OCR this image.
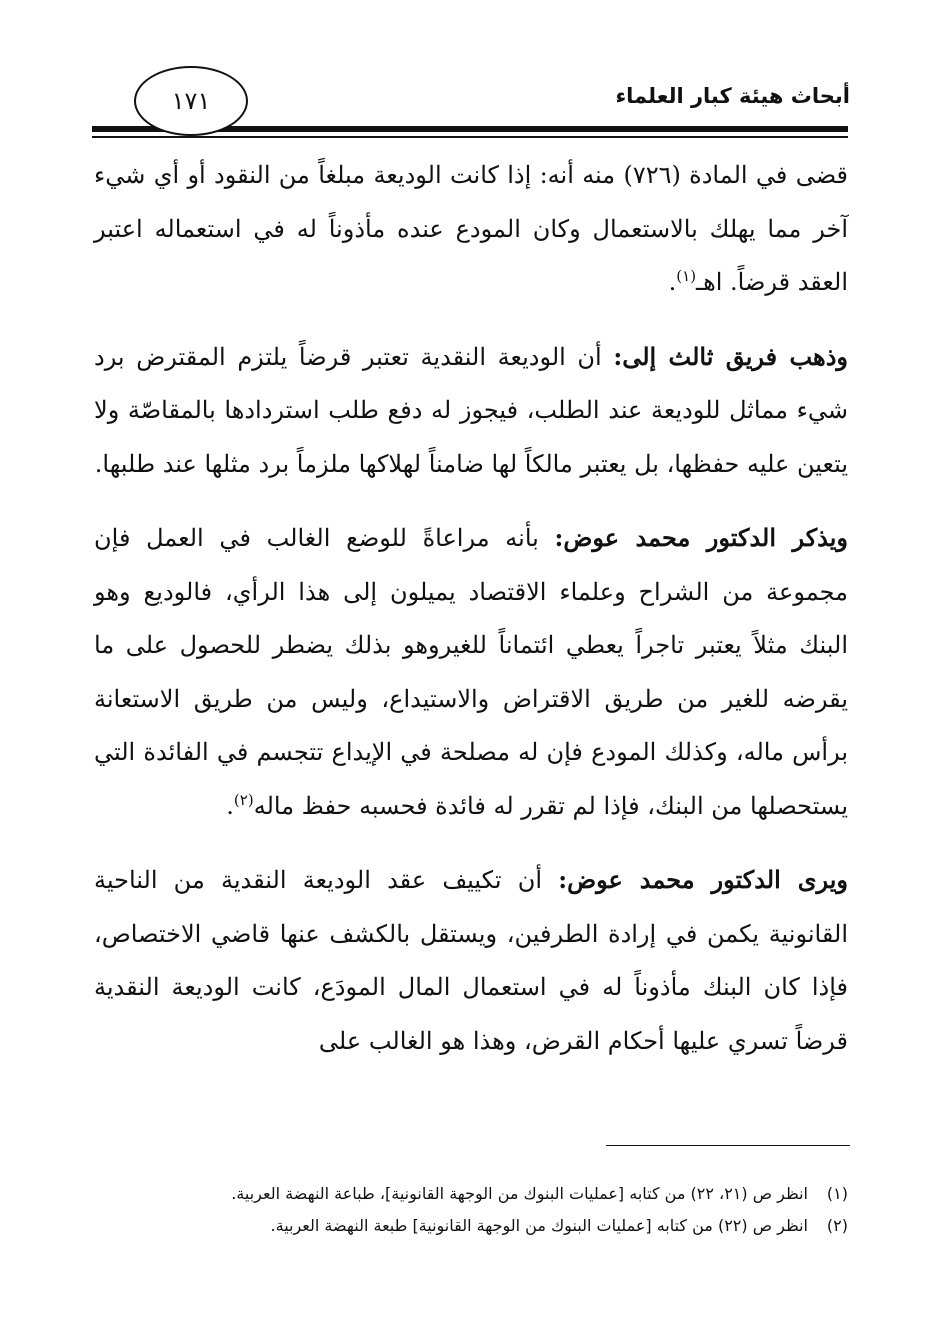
أبحاث هيئة كبار العلماء
١٧١

قضى في المادة (٧٢٦) منه أنه: إذا كانت الوديعة مبلغاً من النقود أو أي شيء آخر مما يهلك بالاستعمال وكان المودع عنده مأذوناً له في استعماله اعتبر العقد قرضاً. اهـ$^{(١)}$.

وذهب فريق ثالث إلى: أن الوديعة النقدية تعتبر قرضاً يلتزم المقترض برد شيء مماثل للوديعة عند الطلب، فيجوز له دفع طلب استردادها بالمقاصّة ولا يتعين عليه حفظها، بل يعتبر مالكاً لها ضامناً لهلاكها ملزماً برد مثلها عند طلبها.

ويذكر الدكتور محمد عوض: بأنه مراعاةً للوضع الغالب في العمل فإن مجموعة من الشراح وعلماء الاقتصاد يميلون إلى هذا الرأي، فالوديع وهو البنك مثلاً يعتبر تاجراً يعطي ائتماناً للغيروهو بذلك يضطر للحصول على ما يقرضه للغير من طريق الاقتراض والاستيداع، وليس من طريق الاستعانة برأس ماله، وكذلك المودع فإن له مصلحة في الإيداع تتجسم في الفائدة التي يستحصلها من البنك، فإذا لم تقرر له فائدة فحسبه حفظ ماله$^{(٢)}$.

ويرى الدكتور محمد عوض: أن تكييف عقد الوديعة النقدية من الناحية القانونية يكمن في إرادة الطرفين، ويستقل بالكشف عنها قاضي الاختصاص، فإذا كان البنك مأذوناً له في استعمال المال المودَع، كانت الوديعة النقدية قرضاً تسري عليها أحكام القرض، وهذا هو الغالب على

(١)
انظر ص (٢١، ٢٢) من كتابه [عمليات البنوك من الوجهة القانونية]، طباعة النهضة العربية.
(٢)
انظر ص (٢٢) من كتابه [عمليات البنوك من الوجهة القانونية] طبعة النهضة العربية.
